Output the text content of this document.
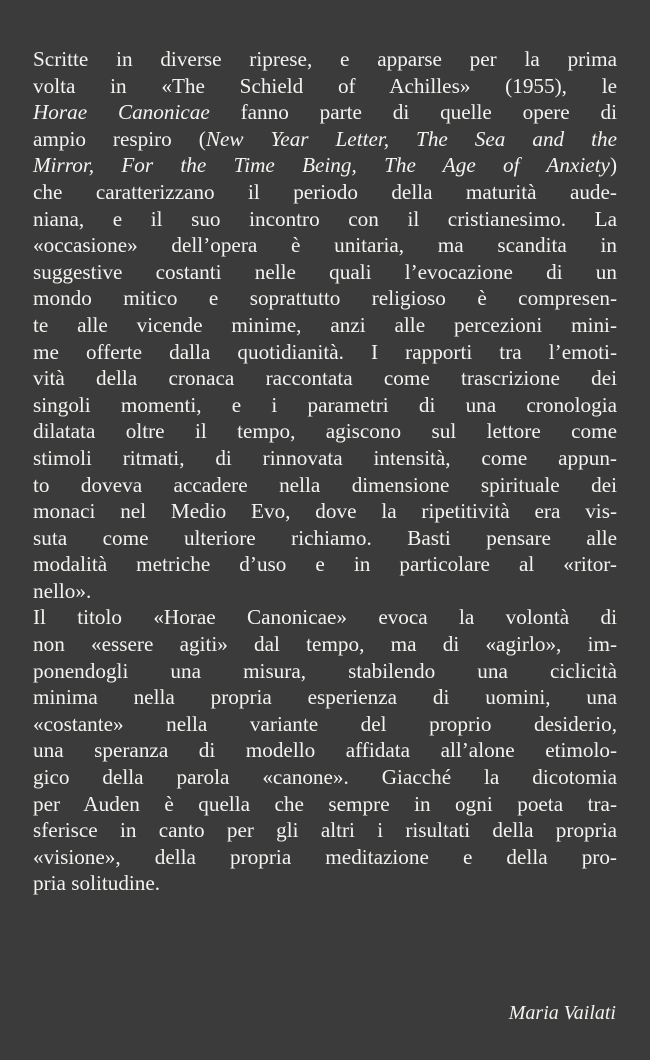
Scritte in diverse riprese, e apparse per la prima
volta in «The Schield of Achilles» (1955), le
Horae Canonicae fanno parte di quelle opere di
ampio respiro (New Year Letter, The Sea and the
Mirror, For the Time Being, The Age of Anxiety)
che caratterizzano il periodo della maturità aude-
niana, e il suo incontro con il cristianesimo. La
«occasione» dell’opera è unitaria, ma scandita in
suggestive costanti nelle quali l’evocazione di un
mondo mitico e soprattutto religioso è compresen-
te alle vicende minime, anzi alle percezioni mini-
me offerte dalla quotidianità. I rapporti tra l’emoti-
vità della cronaca raccontata come trascrizione dei
singoli momenti, e i parametri di una cronologia
dilatata oltre il tempo, agiscono sul lettore come
stimoli ritmati, di rinnovata intensità, come appun-
to doveva accadere nella dimensione spirituale dei
monaci nel Medio Evo, dove la ripetitività era vis-
suta come ulteriore richiamo. Basti pensare alle
modalità metriche d’uso e in particolare al «ritor-
nello».
Il titolo «Horae Canonicae» evoca la volontà di
non «essere agiti» dal tempo, ma di «agirlo», im-
ponendogli una misura, stabilendo una ciclicità
minima nella propria esperienza di uomini, una
«costante» nella variante del proprio desiderio,
una speranza di modello affidata all’alone etimolo-
gico della parola «canone». Giacché la dicotomia
per Auden è quella che sempre in ogni poeta tra-
sferisce in canto per gli altri i risultati della propria
«visione», della propria meditazione e della pro-
pria solitudine.
Maria Vailati
